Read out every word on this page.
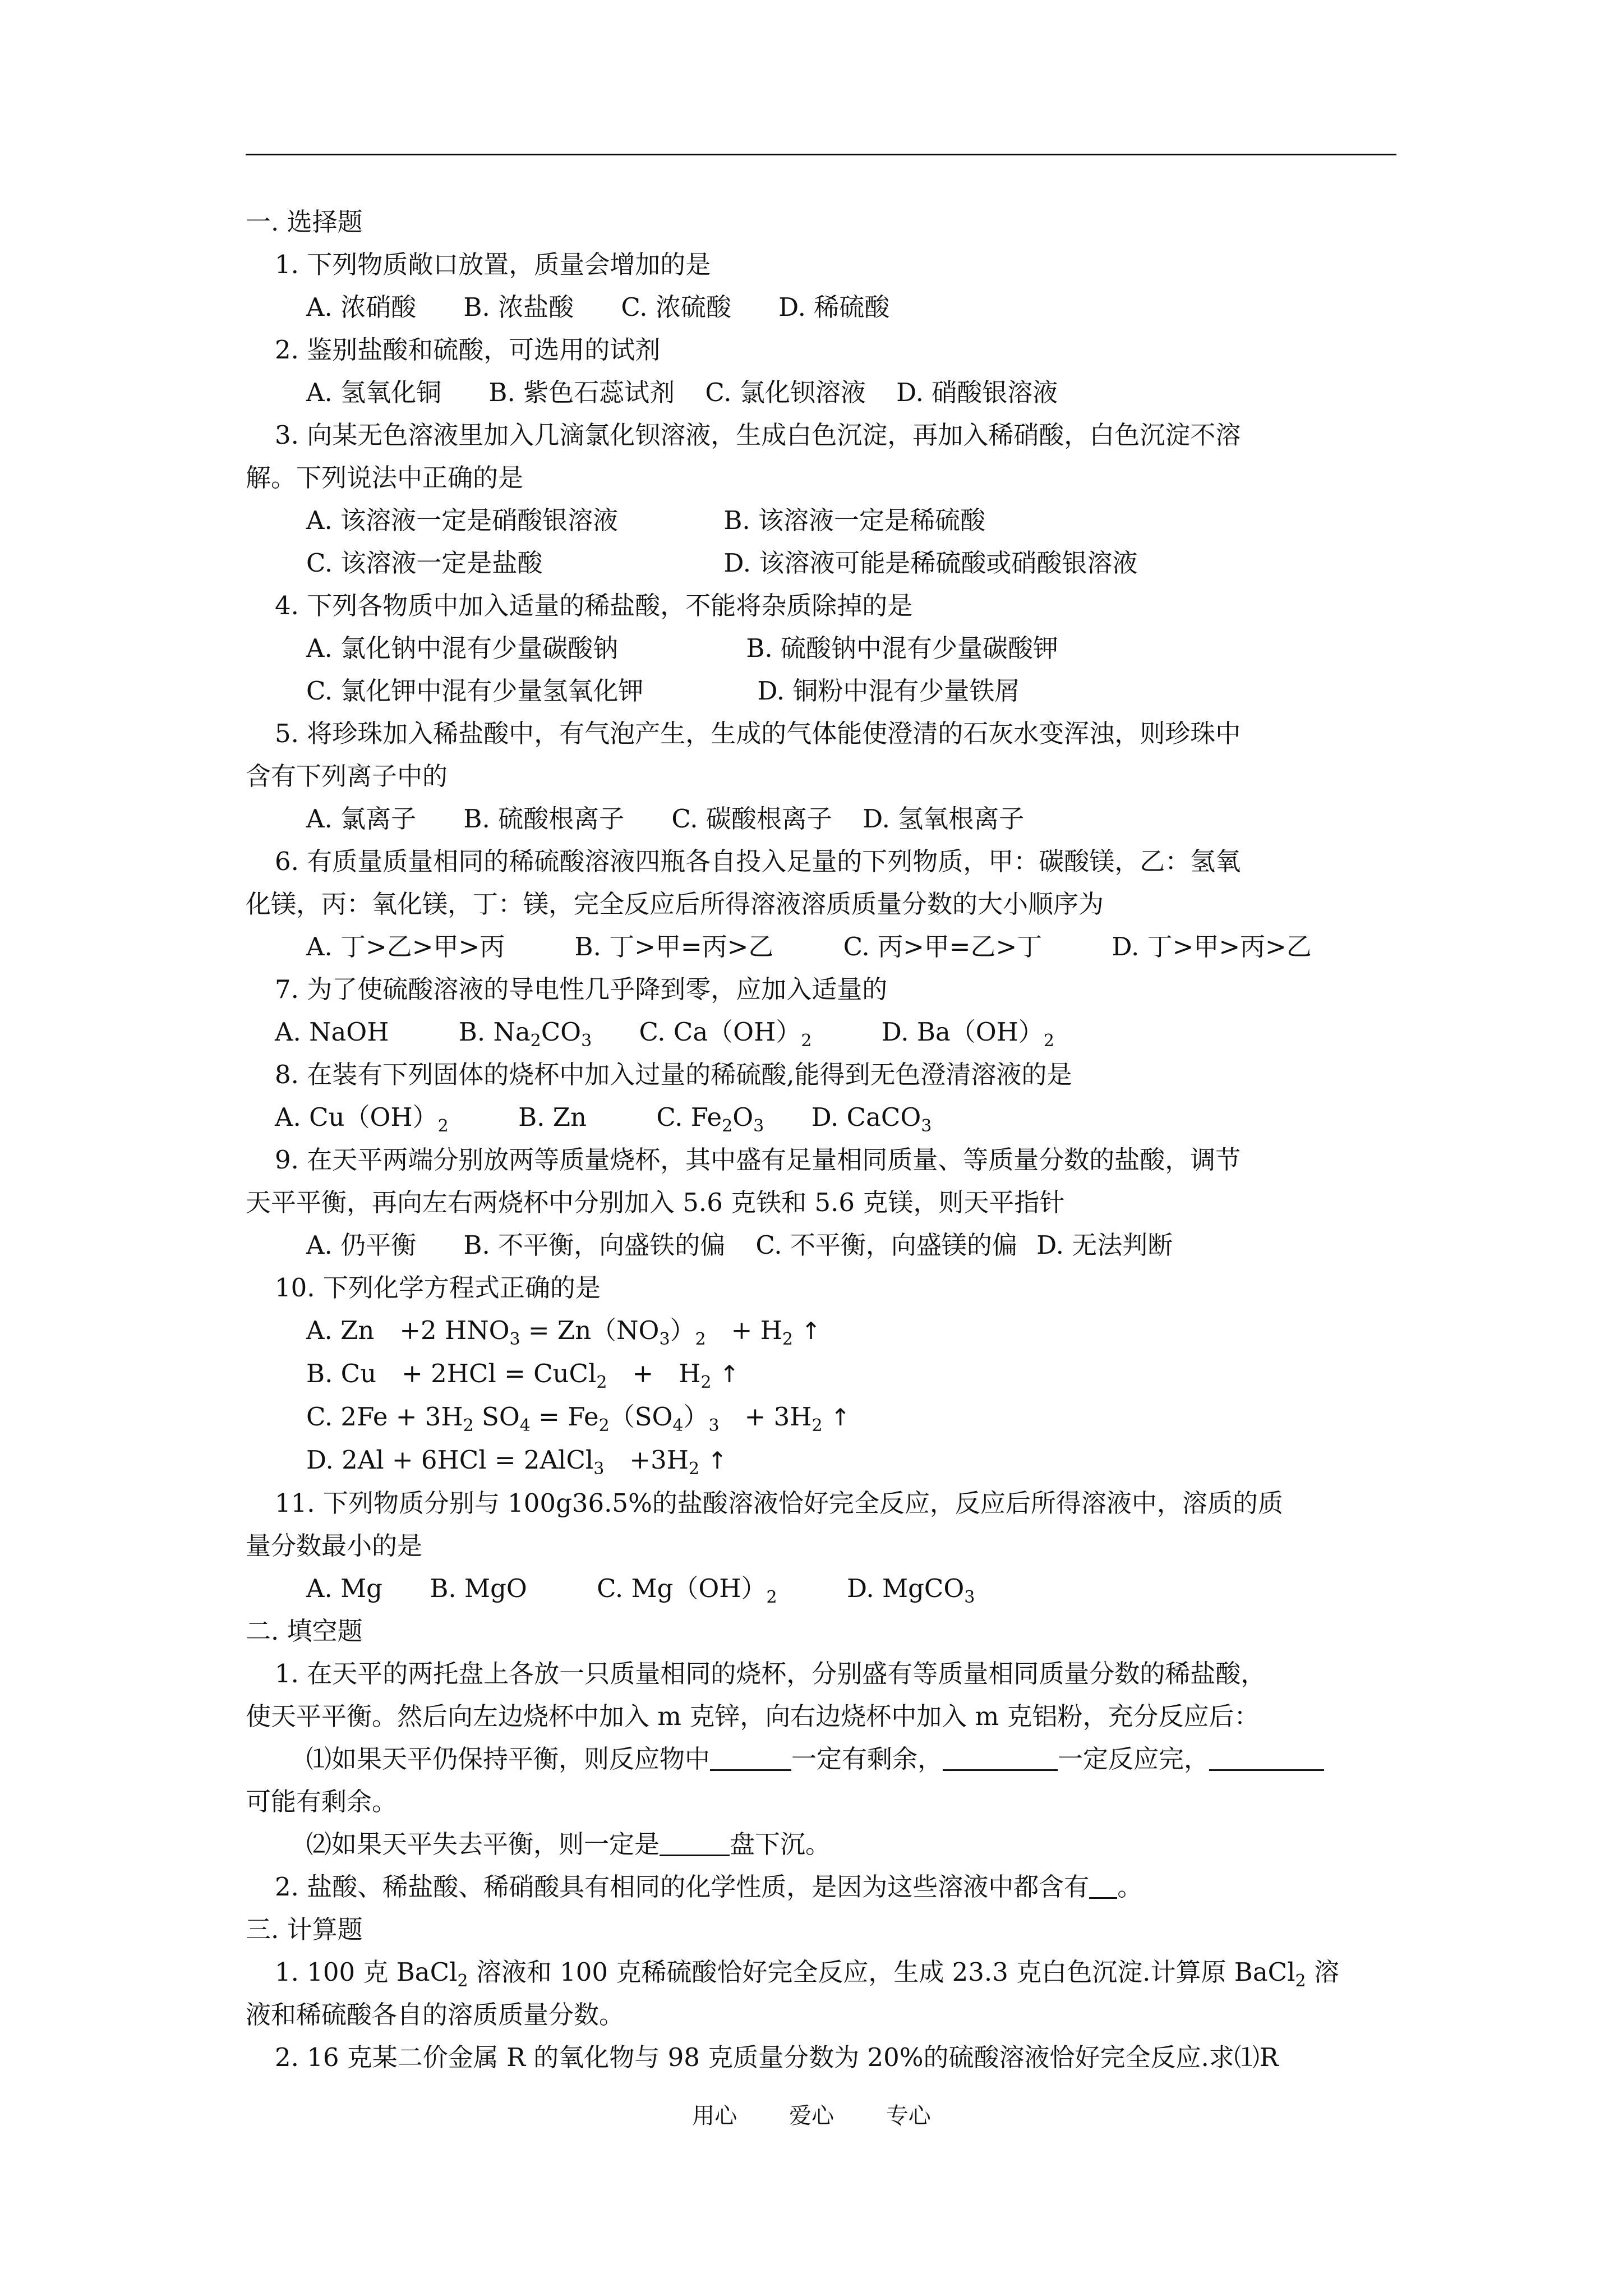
一. 选择题
1. 下列物质敞口放置，质量会增加的是
A. 浓硝酸 B. 浓盐酸 C. 浓硫酸 D. 稀硫酸
2. 鉴别盐酸和硫酸，可选用的试剂
A. 氢氧化铜 B. 紫色石蕊试剂 C. 氯化钡溶液 D. 硝酸银溶液
3. 向某无色溶液里加入几滴氯化钡溶液，生成白色沉淀，再加入稀硝酸，白色沉淀不溶
解。下列说法中正确的是
A. 该溶液一定是硝酸银溶液	B. 该溶液一定是稀硫酸
C. 该溶液一定是盐酸	D. 该溶液可能是稀硫酸或硝酸银溶液
4. 下列各物质中加入适量的稀盐酸，不能将杂质除掉的是
A. 氯化钠中混有少量碳酸钠	B. 硫酸钠中混有少量碳酸钾
C. 氯化钾中混有少量氢氧化钾	D. 铜粉中混有少量铁屑
5. 将珍珠加入稀盐酸中，有气泡产生，生成的气体能使澄清的石灰水变浑浊，则珍珠中
含有下列离子中的
A. 氯离子 B. 硫酸根离子 C. 碳酸根离子 D. 氢氧根离子
6. 有质量质量相同的稀硫酸溶液四瓶各自投入足量的下列物质，甲：碳酸镁，乙：氢氧
化镁，丙：氧化镁，丁：镁，完全反应后所得溶液溶质质量分数的大小顺序为
A. 丁>乙>甲>丙	B. 丁>甲=丙>乙	C. 丙>甲=乙>丁	D. 丁>甲>丙>乙
7. 为了使硫酸溶液的导电性几乎降到零，应加入适量的
A. NaOH	B. $Na_2CO_3$ C. $Ca(OH)_2$	D. $Ba(OH)_2$
8. 在装有下列固体的烧杯中加入过量的稀硫酸,能得到无色澄清溶液的是
A. $Cu(OH)_2$	B. Zn	C. $Fe_2O_3$ D. CaCO$_3$
9. 在天平两端分别放两等质量烧杯，其中盛有足量相同质量、等质量分数的盐酸，调节
天平平衡，再向左右两烧杯中分别加入 5.6 克铁和 5.6 克镁，则天平指针
A. 仍平衡 B. 不平衡，向盛铁的偏 C. 不平衡，向盛镁的偏 D. 无法判断
10. 下列化学方程式正确的是
A. Zn　+2 $HNO_3 = Zn(NO_3)_2$　+ $H_2$ ↑
B. Cu　+ 2HCl = CuCl$_2$　+　$H_2$ ↑
C. $2Fe + 3H_2$ $SO_4 = Fe_2(SO_4)_3$　+ $3H_2$ ↑
D. 2Al + 6HCl = 2AlCl$_3$　$+3H_2$ ↑
11. 下列物质分别与 100g36.5%的盐酸溶液恰好完全反应，反应后所得溶液中，溶质的质
量分数最小的是
A. Mg B. MgO	C. $Mg(OH)_2$	D. MgCO$_3$
二. 填空题
1. 在天平的两托盘上各放一只质量相同的烧杯，分别盛有等质量相同质量分数的稀盐酸，
使天平平衡。然后向左边烧杯中加入 m 克锌，向右边烧杯中加入 m 克铝粉，充分反应后：
⑴如果天平仍保持平衡，则反应物中	一定有剩余，	一定反应完，
可能有剩余。
⑵如果天平失去平衡，则一定是	盘下沉。
2. 盐酸、稀盐酸、稀硝酸具有相同的化学性质，是因为这些溶液中都含有 。
三. 计算题
1. 100 克 BaCl$_2$ 溶液和 100 克稀硫酸恰好完全反应，生成 23.3 克白色沉淀.计算原 BaCl$_2$ 溶
液和稀硫酸各自的溶质质量分数。
2. 16 克某二价金属 R 的氧化物与 98 克质量分数为 20%的硫酸溶液恰好完全反应.求⑴R
用心 爱心 专心
